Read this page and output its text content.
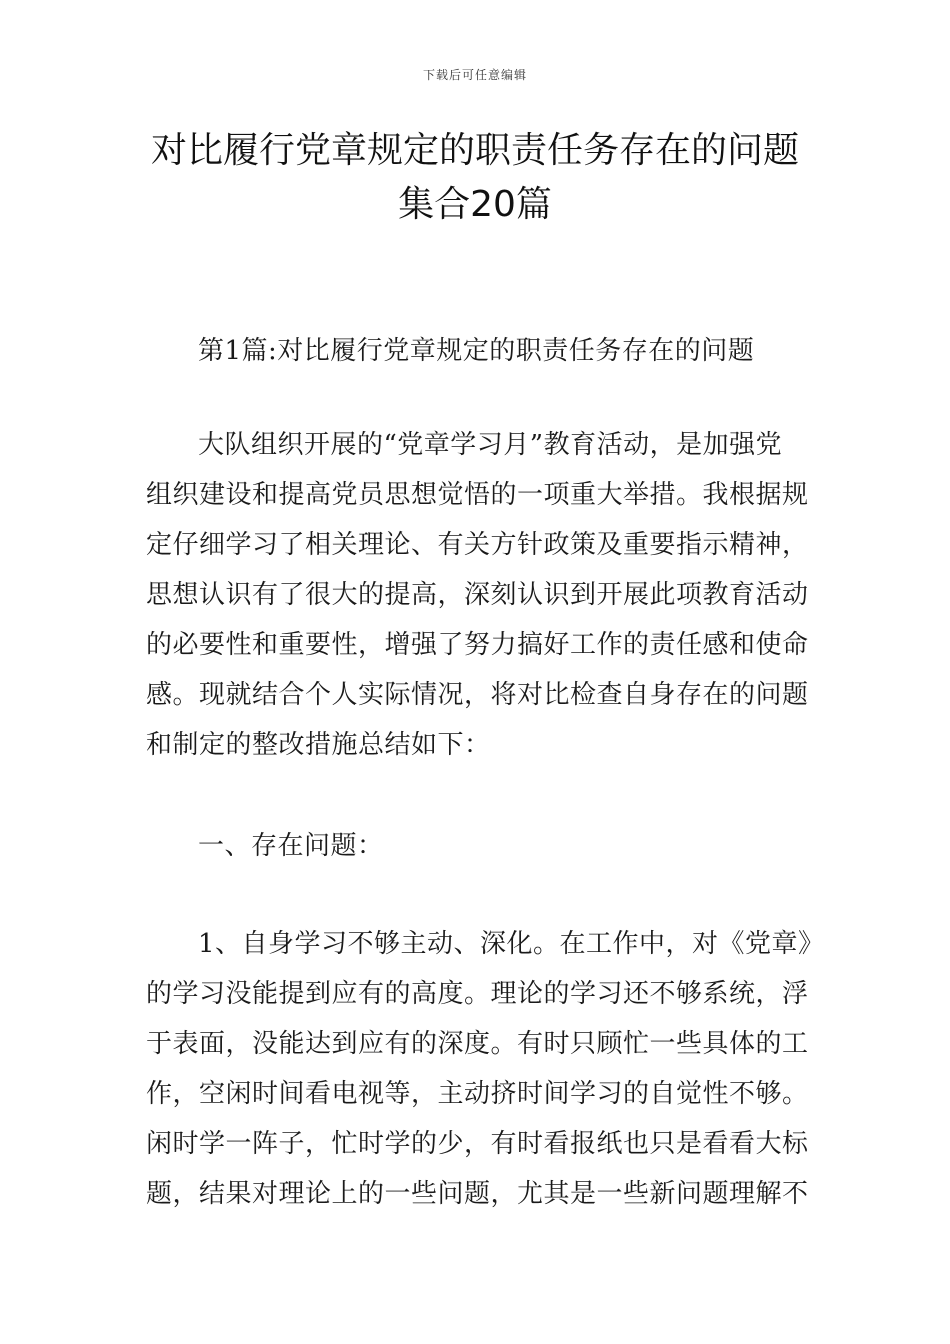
下载后可任意编辑
对比履行党章规定的职责任务存在的问题
集合20篇
第1篇:对比履行党章规定的职责任务存在的问题
大队组织开展的“党章学习月”教育活动，是加强党
组织建设和提高党员思想觉悟的一项重大举措。我根据规
定仔细学习了相关理论、有关方针政策及重要指示精神，
思想认识有了很大的提高，深刻认识到开展此项教育活动
的必要性和重要性，增强了努力搞好工作的责任感和使命
感。现就结合个人实际情况，将对比检查自身存在的问题
和制定的整改措施总结如下：
一、存在问题：
1、自身学习不够主动、深化。在工作中，对《党章》
的学习没能提到应有的高度。理论的学习还不够系统，浮
于表面，没能达到应有的深度。有时只顾忙一些具体的工
作，空闲时间看电视等，主动挤时间学习的自觉性不够。
闲时学一阵子，忙时学的少，有时看报纸也只是看看大标
题，结果对理论上的一些问题，尤其是一些新问题理解不
